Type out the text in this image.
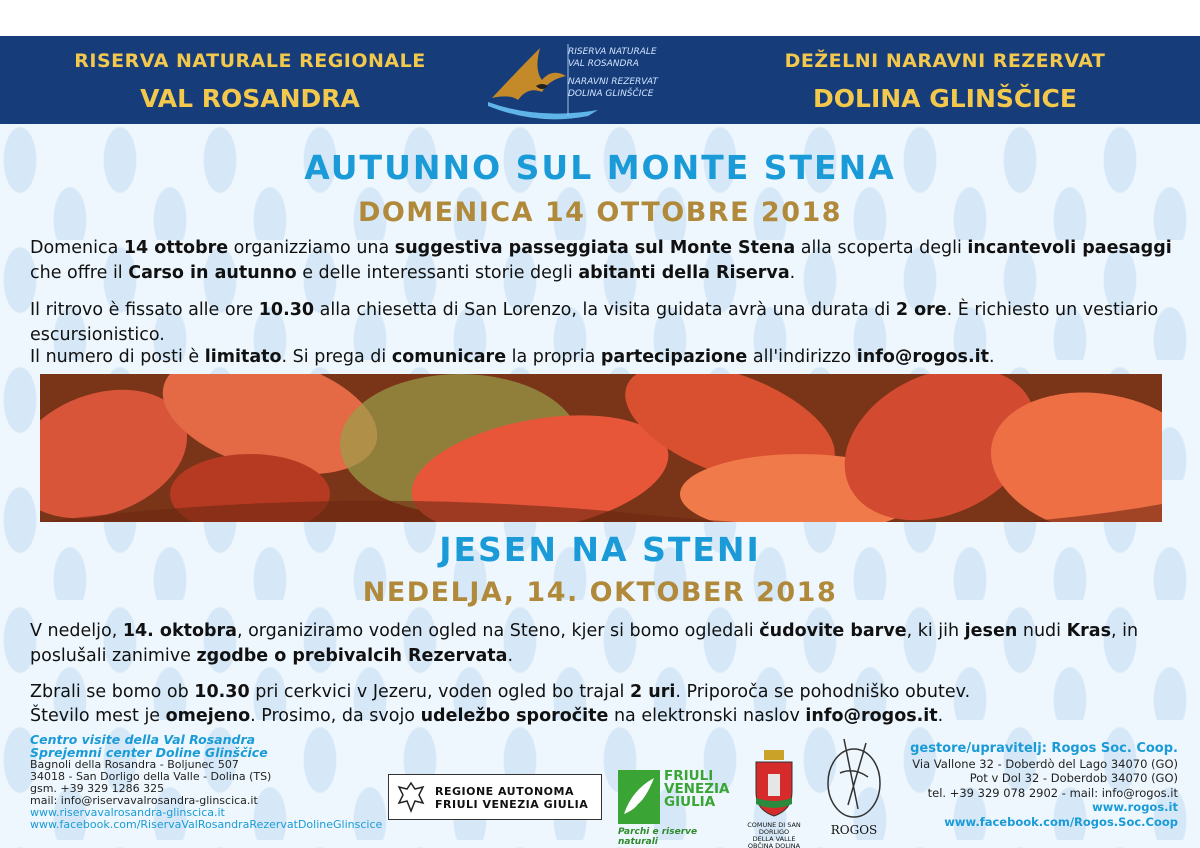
RISERVA NATURALE REGIONALE
VAL ROSANDRA
RISERVA NATURALE
VAL ROSANDRA
NARAVNI REZERVAT
DOLINA GLINŠČICE
DEŽELNI NARAVNI REZERVAT
DOLINA GLINŠČICE
AUTUNNO SUL MONTE STENA
DOMENICA 14 OTTOBRE 2018
Domenica 14 ottobre organizziamo una suggestiva passeggiata sul Monte Stena alla scoperta degli incantevoli paesaggi che offre il Carso in autunno e delle interessanti storie degli abitanti della Riserva.
Il ritrovo è fissato alle ore 10.30 alla chiesetta di San Lorenzo, la visita guidata avrà una durata di 2 ore. È richiesto un vestiario escursionistico.
Il numero di posti è limitato. Si prega di comunicare la propria partecipazione all'indirizzo info@rogos.it.
JESEN NA STENI
NEDELJA, 14. OKTOBER 2018
V nedeljo, 14. oktobra, organiziramo voden ogled na Steno, kjer si bomo ogledali čudovite barve, ki jih jesen nudi Kras, in poslušali zanimive zgodbe o prebivalcih Rezervata.
Zbrali se bomo ob 10.30 pri cerkvici v Jezeru, voden ogled bo trajal 2 uri. Priporoča se pohodniško obutev.
Število mest je omejeno. Prosimo, da svojo udeležbo sporočite na elektronski naslov info@rogos.it.
Centro visite della Val Rosandra
Sprejemni center Doline Glinščice
Bagnoli della Rosandra - Boljunec 507
34018 - San Dorligo della Valle - Dolina (TS)
gsm. +39 329 1286 325
mail: info@riservavalrosandra-glinscica.it
www.riservavalrosandra-glinscica.it
www.facebook.com/RiservaValRosandraRezervatDolineGlinscice
REGIONE AUTONOMA
FRIULI VENEZIA GIULIA
FRIULI
VENEZIA
GIULIA
Parchi e riserve naturali
COMUNE DI SAN DORLIGO
DELLA VALLE
OBČINA DOLINA
ROGOS
gestore/upravitelj: Rogos Soc. Coop.
Via Vallone 32 - Doberdò del Lago 34070 (GO)
Pot v Dol 32 - Doberdob 34070 (GO)
tel. +39 329 078 2902 - mail: info@rogos.it
www.rogos.it
www.facebook.com/Rogos.Soc.Coop
